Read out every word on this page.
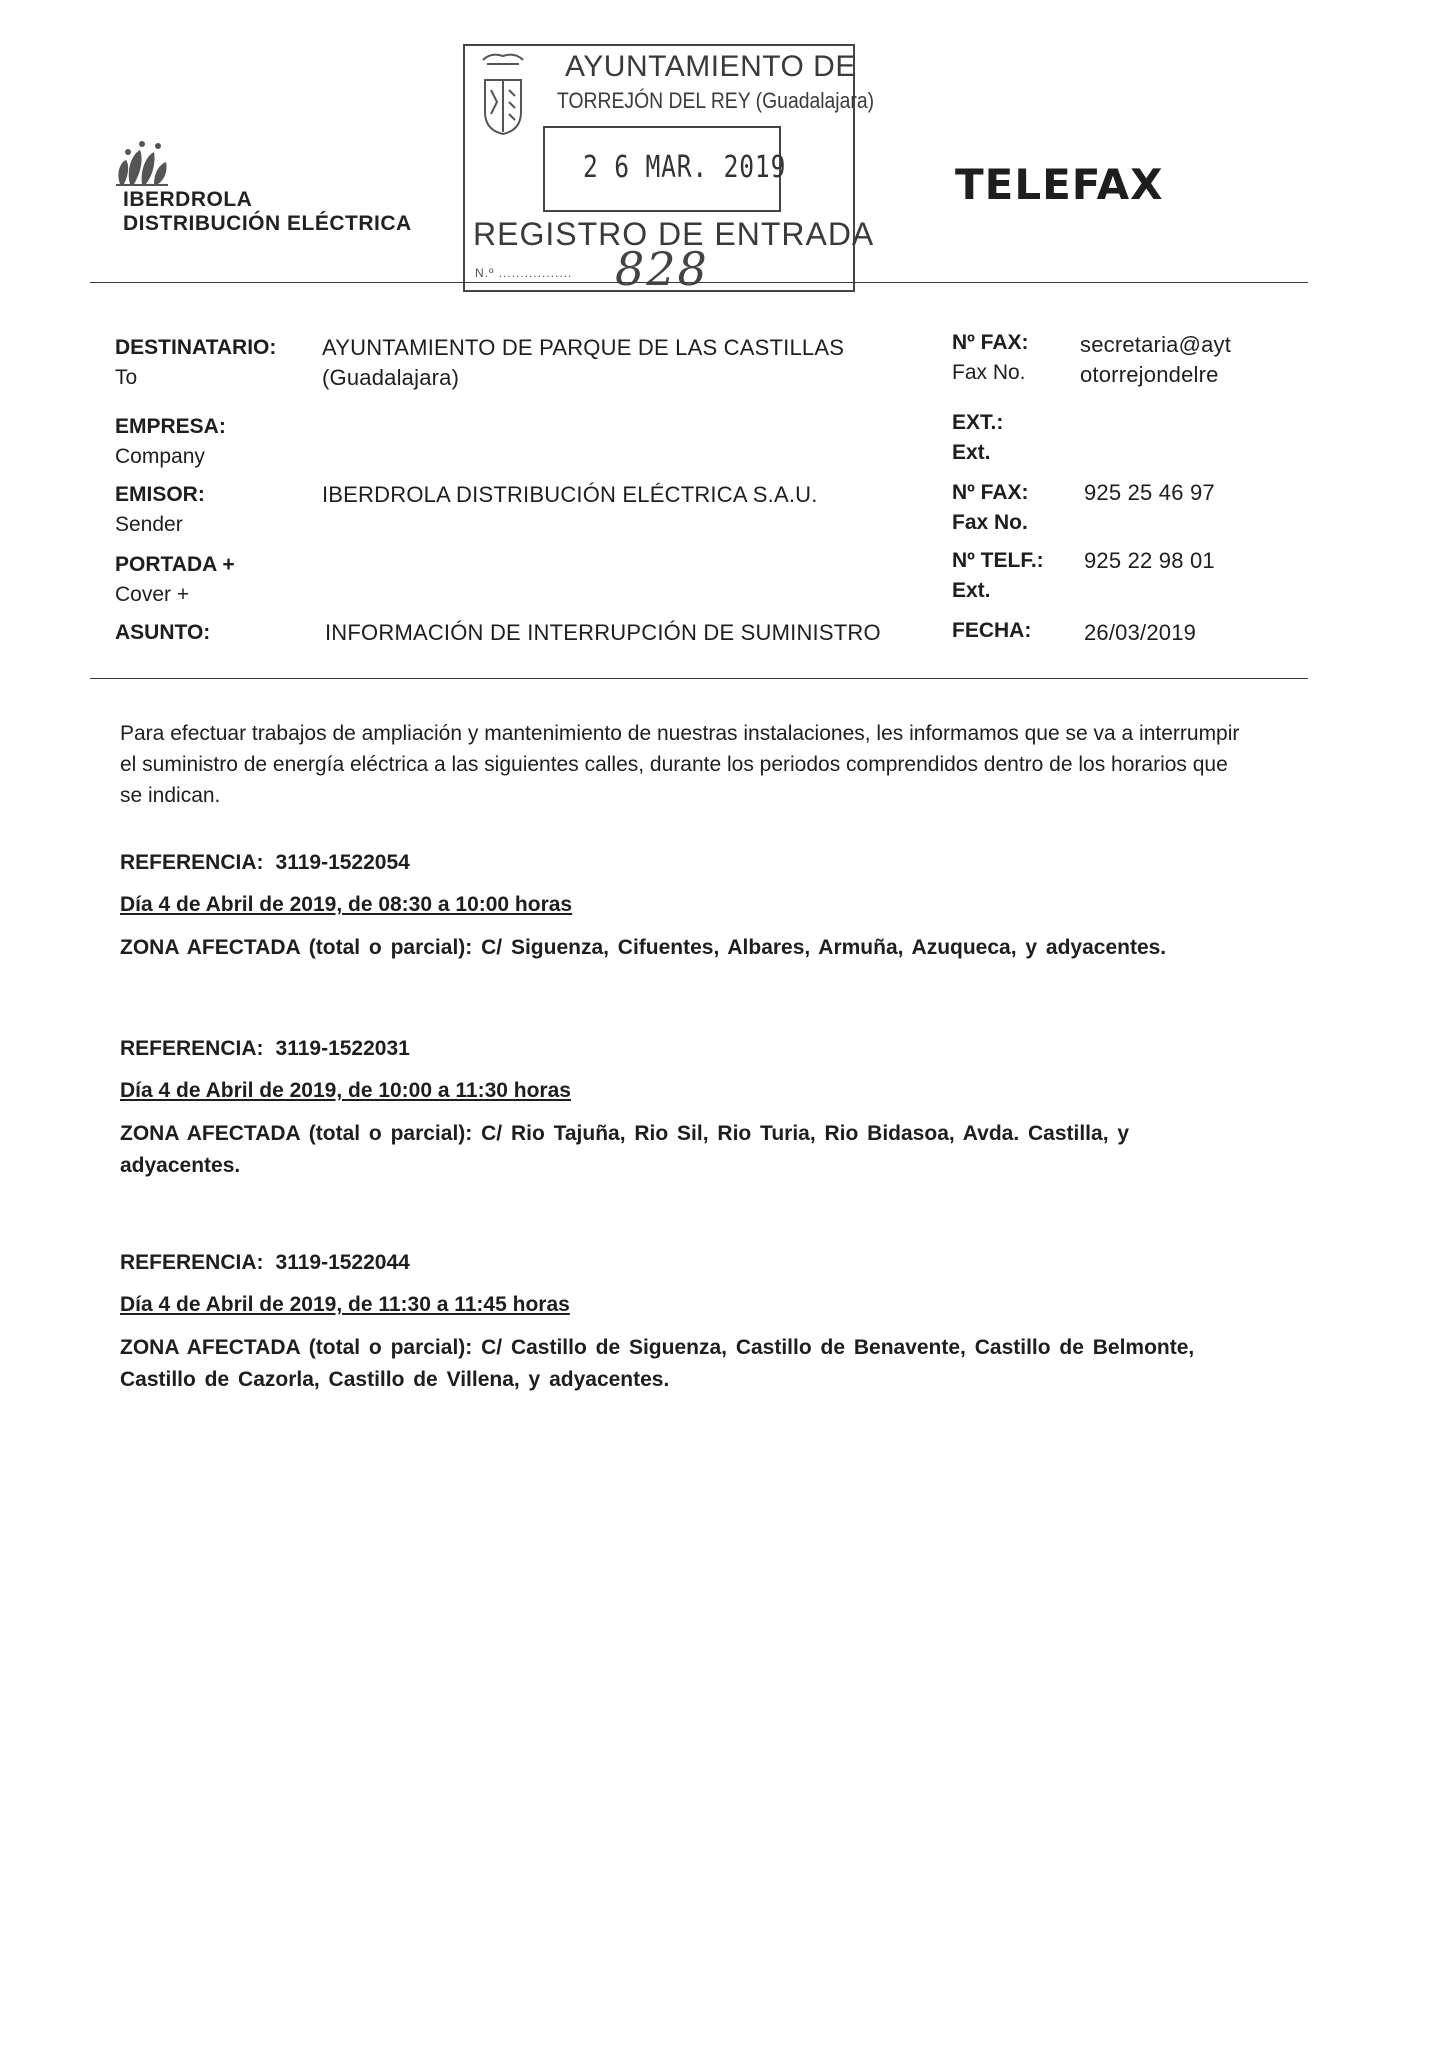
IBERDROLA
DISTRIBUCIÓN ELÉCTRICA
AYUNTAMIENTO DE
TORREJÓN DEL REY (Guadalajara)
2 6 MAR. 2019
REGISTRO DE ENTRADA
N.º ................. 828
TELEFAX
DESTINATARIO:
To
AYUNTAMIENTO DE PARQUE DE LAS CASTILLAS
(Guadalajara)
EMPRESA:
Company
EMISOR:
Sender
IBERDROLA DISTRIBUCIÓN ELÉCTRICA S.A.U.
PORTADA +
Cover +
ASUNTO:	INFORMACIÓN DE INTERRUPCIÓN DE SUMINISTRO
Nº FAX:
Fax No.
secretaria@ayt
otorrejondelre
EXT.:
Ext.
Nº FAX:
Fax No.
925 25 46 97
Nº TELF.:
Ext.
925 22 98 01
FECHA: 26/03/2019
Para efectuar trabajos de ampliación y mantenimiento de nuestras instalaciones, les informamos que se va a interrumpir el suministro de energía eléctrica a las siguientes calles, durante los periodos comprendidos dentro de los horarios que se indican.
REFERENCIA: 3119-1522054
Día 4 de Abril de 2019, de 08:30 a 10:00 horas
ZONA AFECTADA (total o parcial): C/ Siguenza, Cifuentes, Albares, Armuña, Azuqueca, y adyacentes.
REFERENCIA: 3119-1522031
Día 4 de Abril de 2019, de 10:00 a 11:30 horas
ZONA AFECTADA (total o parcial): C/ Rio Tajuña, Rio Sil, Rio Turia, Rio Bidasoa, Avda. Castilla, y adyacentes.
REFERENCIA: 3119-1522044
Día 4 de Abril de 2019, de 11:30 a 11:45 horas
ZONA AFECTADA (total o parcial): C/ Castillo de Siguenza, Castillo de Benavente, Castillo de Belmonte, Castillo de Cazorla, Castillo de Villena, y adyacentes.
